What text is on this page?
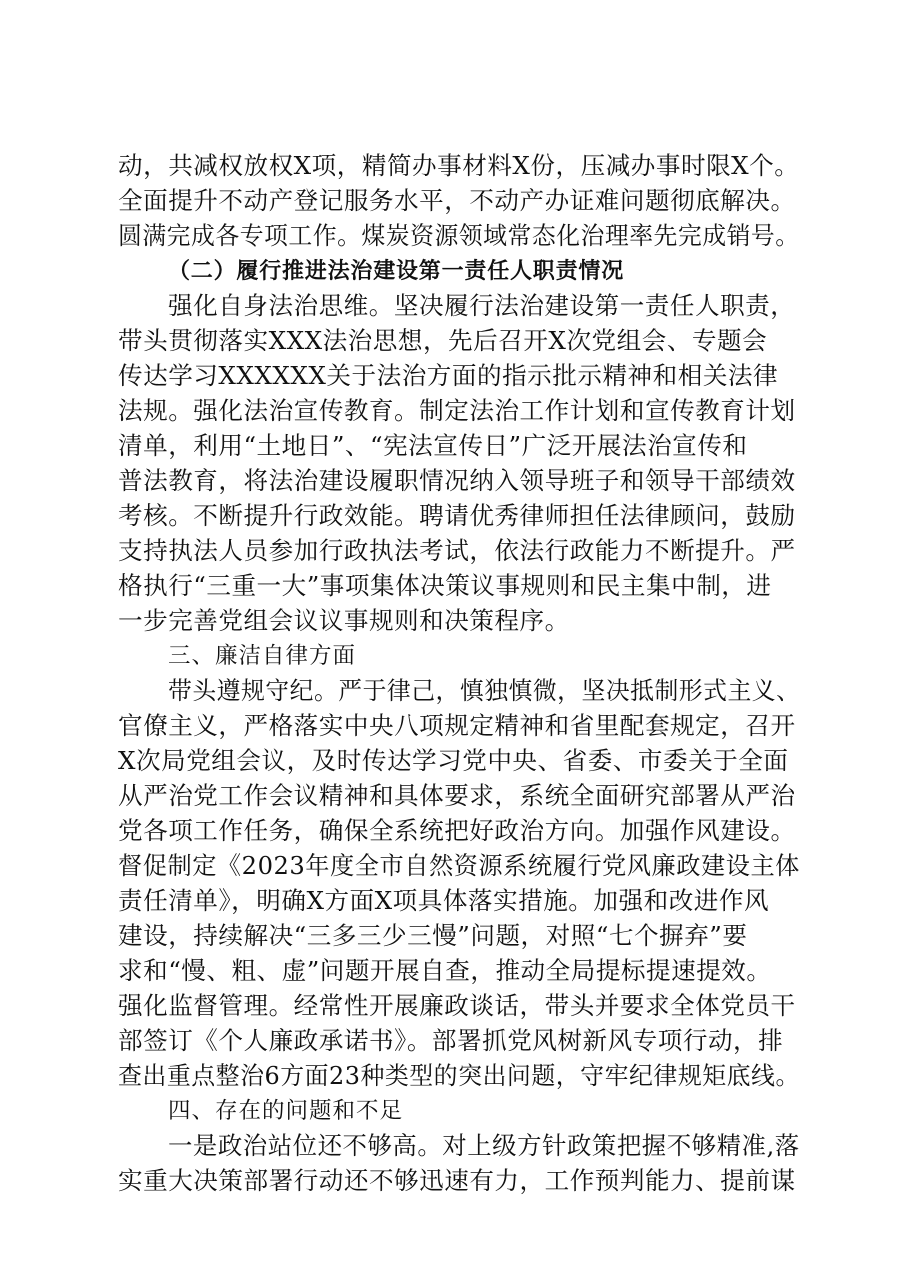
动，共减权放权X项，精简办事材料X份，压减办事时限X个。
全面提升不动产登记服务水平，不动产办证难问题彻底解决。
圆满完成各专项工作。煤炭资源领域常态化治理率先完成销号。
（二）履行推进法治建设第一责任人职责情况
强化自身法治思维。坚决履行法治建设第一责任人职责，
带头贯彻落实XXX法治思想，先后召开X次党组会、专题会
传达学习XXXXXX关于法治方面的指示批示精神和相关法律
法规。强化法治宣传教育。制定法治工作计划和宣传教育计划
清单，利用“土地日”、“宪法宣传日”广泛开展法治宣传和
普法教育，将法治建设履职情况纳入领导班子和领导干部绩效
考核。不断提升行政效能。聘请优秀律师担任法律顾问，鼓励
支持执法人员参加行政执法考试，依法行政能力不断提升。严
格执行“三重一大”事项集体决策议事规则和民主集中制，进
一步完善党组会议议事规则和决策程序。
三、廉洁自律方面
带头遵规守纪。严于律己，慎独慎微，坚决抵制形式主义、
官僚主义，严格落实中央八项规定精神和省里配套规定，召开
X次局党组会议，及时传达学习党中央、省委、市委关于全面
从严治党工作会议精神和具体要求，系统全面研究部署从严治
党各项工作任务，确保全系统把好政治方向。加强作风建设。
督促制定《2023年度全市自然资源系统履行党风廉政建设主体
责任清单》，明确X方面X项具体落实措施。加强和改进作风
建设，持续解决“三多三少三慢”问题，对照“七个摒弃”要
求和“慢、粗、虚”问题开展自查，推动全局提标提速提效。
强化监督管理。经常性开展廉政谈话，带头并要求全体党员干
部签订《个人廉政承诺书》。部署抓党风树新风专项行动，排
查出重点整治6方面23种类型的突出问题，守牢纪律规矩底线。
四、存在的问题和不足
一是政治站位还不够高。对上级方针政策把握不够精准,落
实重大决策部署行动还不够迅速有力，工作预判能力、提前谋
